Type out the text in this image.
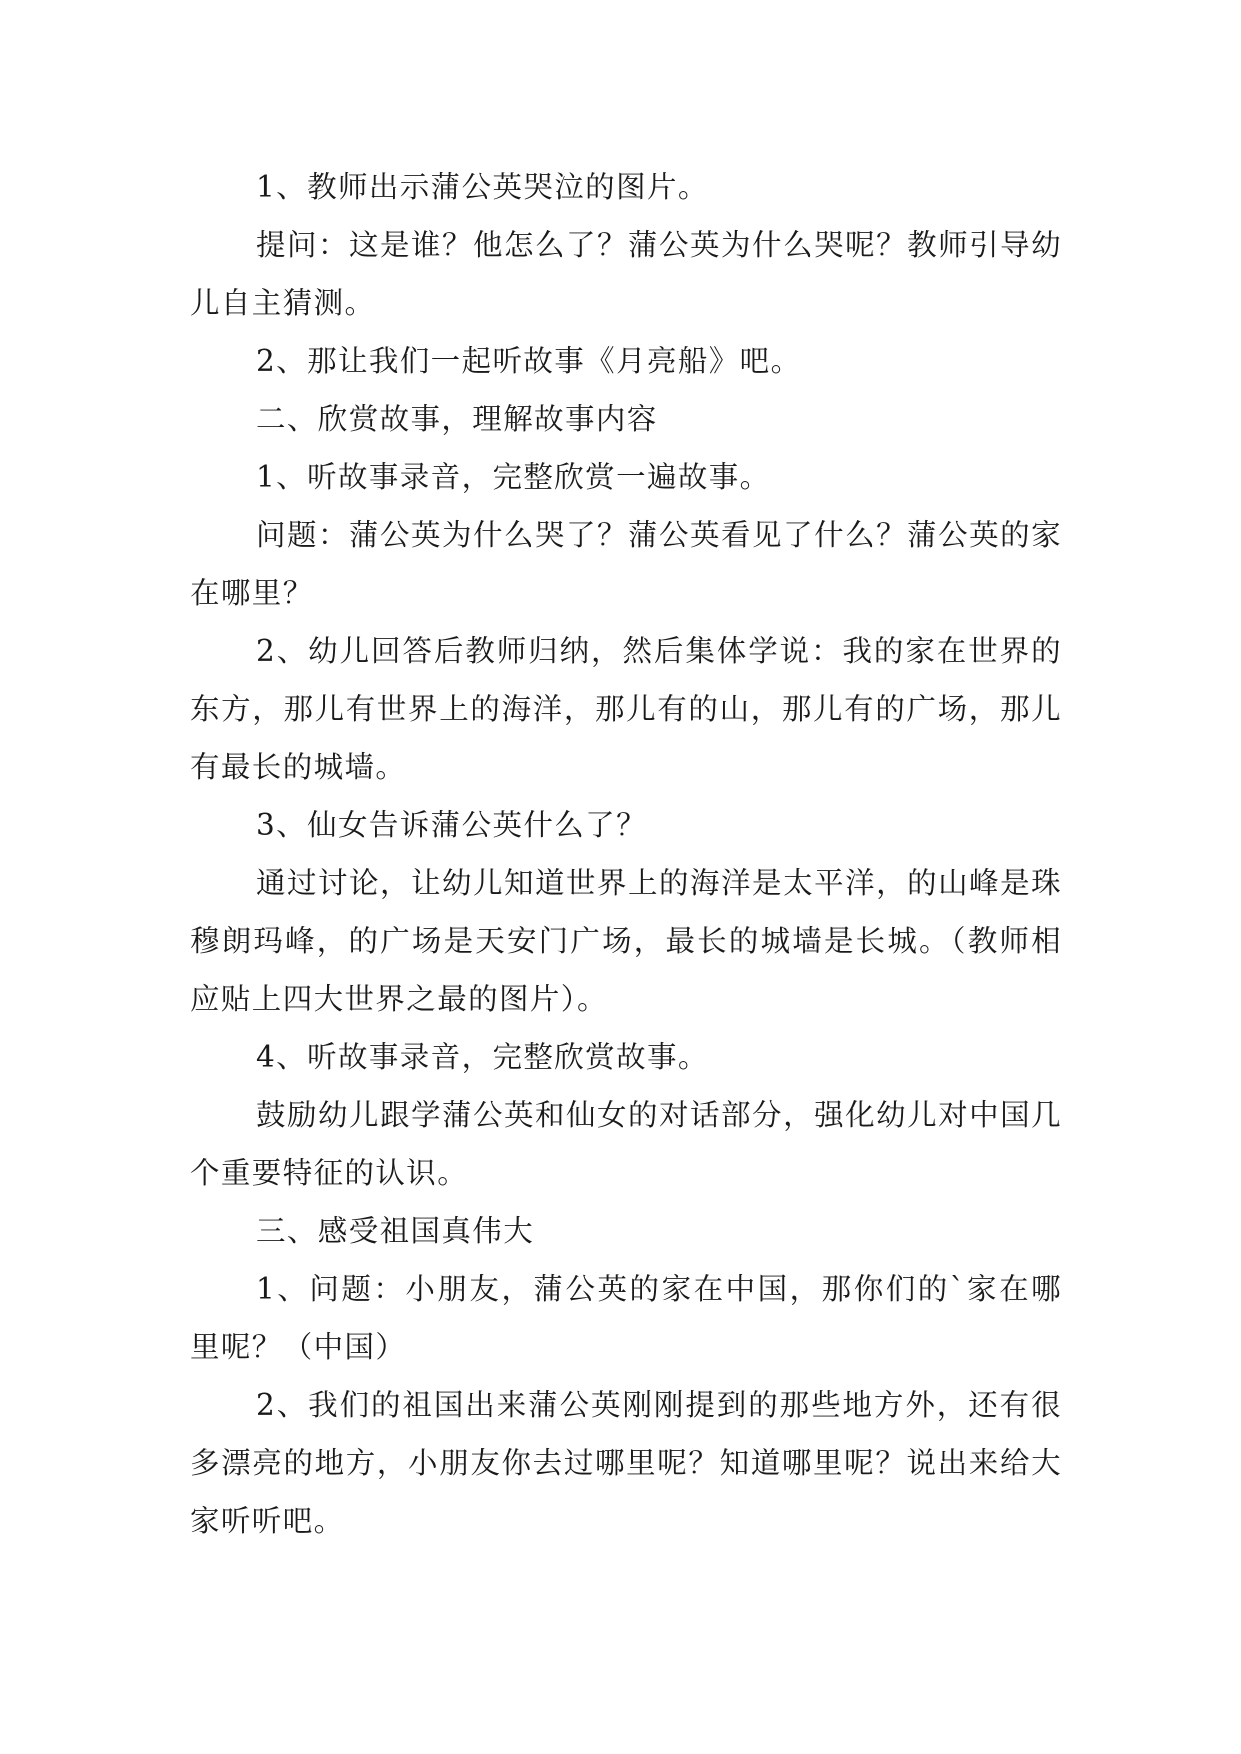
1、教师出示蒲公英哭泣的图片。

提问：这是谁？他怎么了？蒲公英为什么哭呢？教师引导幼儿自主猜测。

2、那让我们一起听故事《月亮船》吧。

二、欣赏故事，理解故事内容

1、听故事录音，完整欣赏一遍故事。

问题：蒲公英为什么哭了？蒲公英看见了什么？蒲公英的家在哪里？

2、幼儿回答后教师归纳，然后集体学说：我的家在世界的东方，那儿有世界上的海洋，那儿有的山，那儿有的广场，那儿有最长的城墙。

3、仙女告诉蒲公英什么了？

通过讨论，让幼儿知道世界上的海洋是太平洋，的山峰是珠穆朗玛峰，的广场是天安门广场，最长的城墙是长城。（教师相应贴上四大世界之最的图片）。

4、听故事录音，完整欣赏故事。

鼓励幼儿跟学蒲公英和仙女的对话部分，强化幼儿对中国几个重要特征的认识。

三、感受祖国真伟大

1、问题：小朋友，蒲公英的家在中国，那你们的`家在哪里呢？（中国）

2、我们的祖国出来蒲公英刚刚提到的那些地方外，还有很多漂亮的地方，小朋友你去过哪里呢？知道哪里呢？说出来给大家听听吧。
